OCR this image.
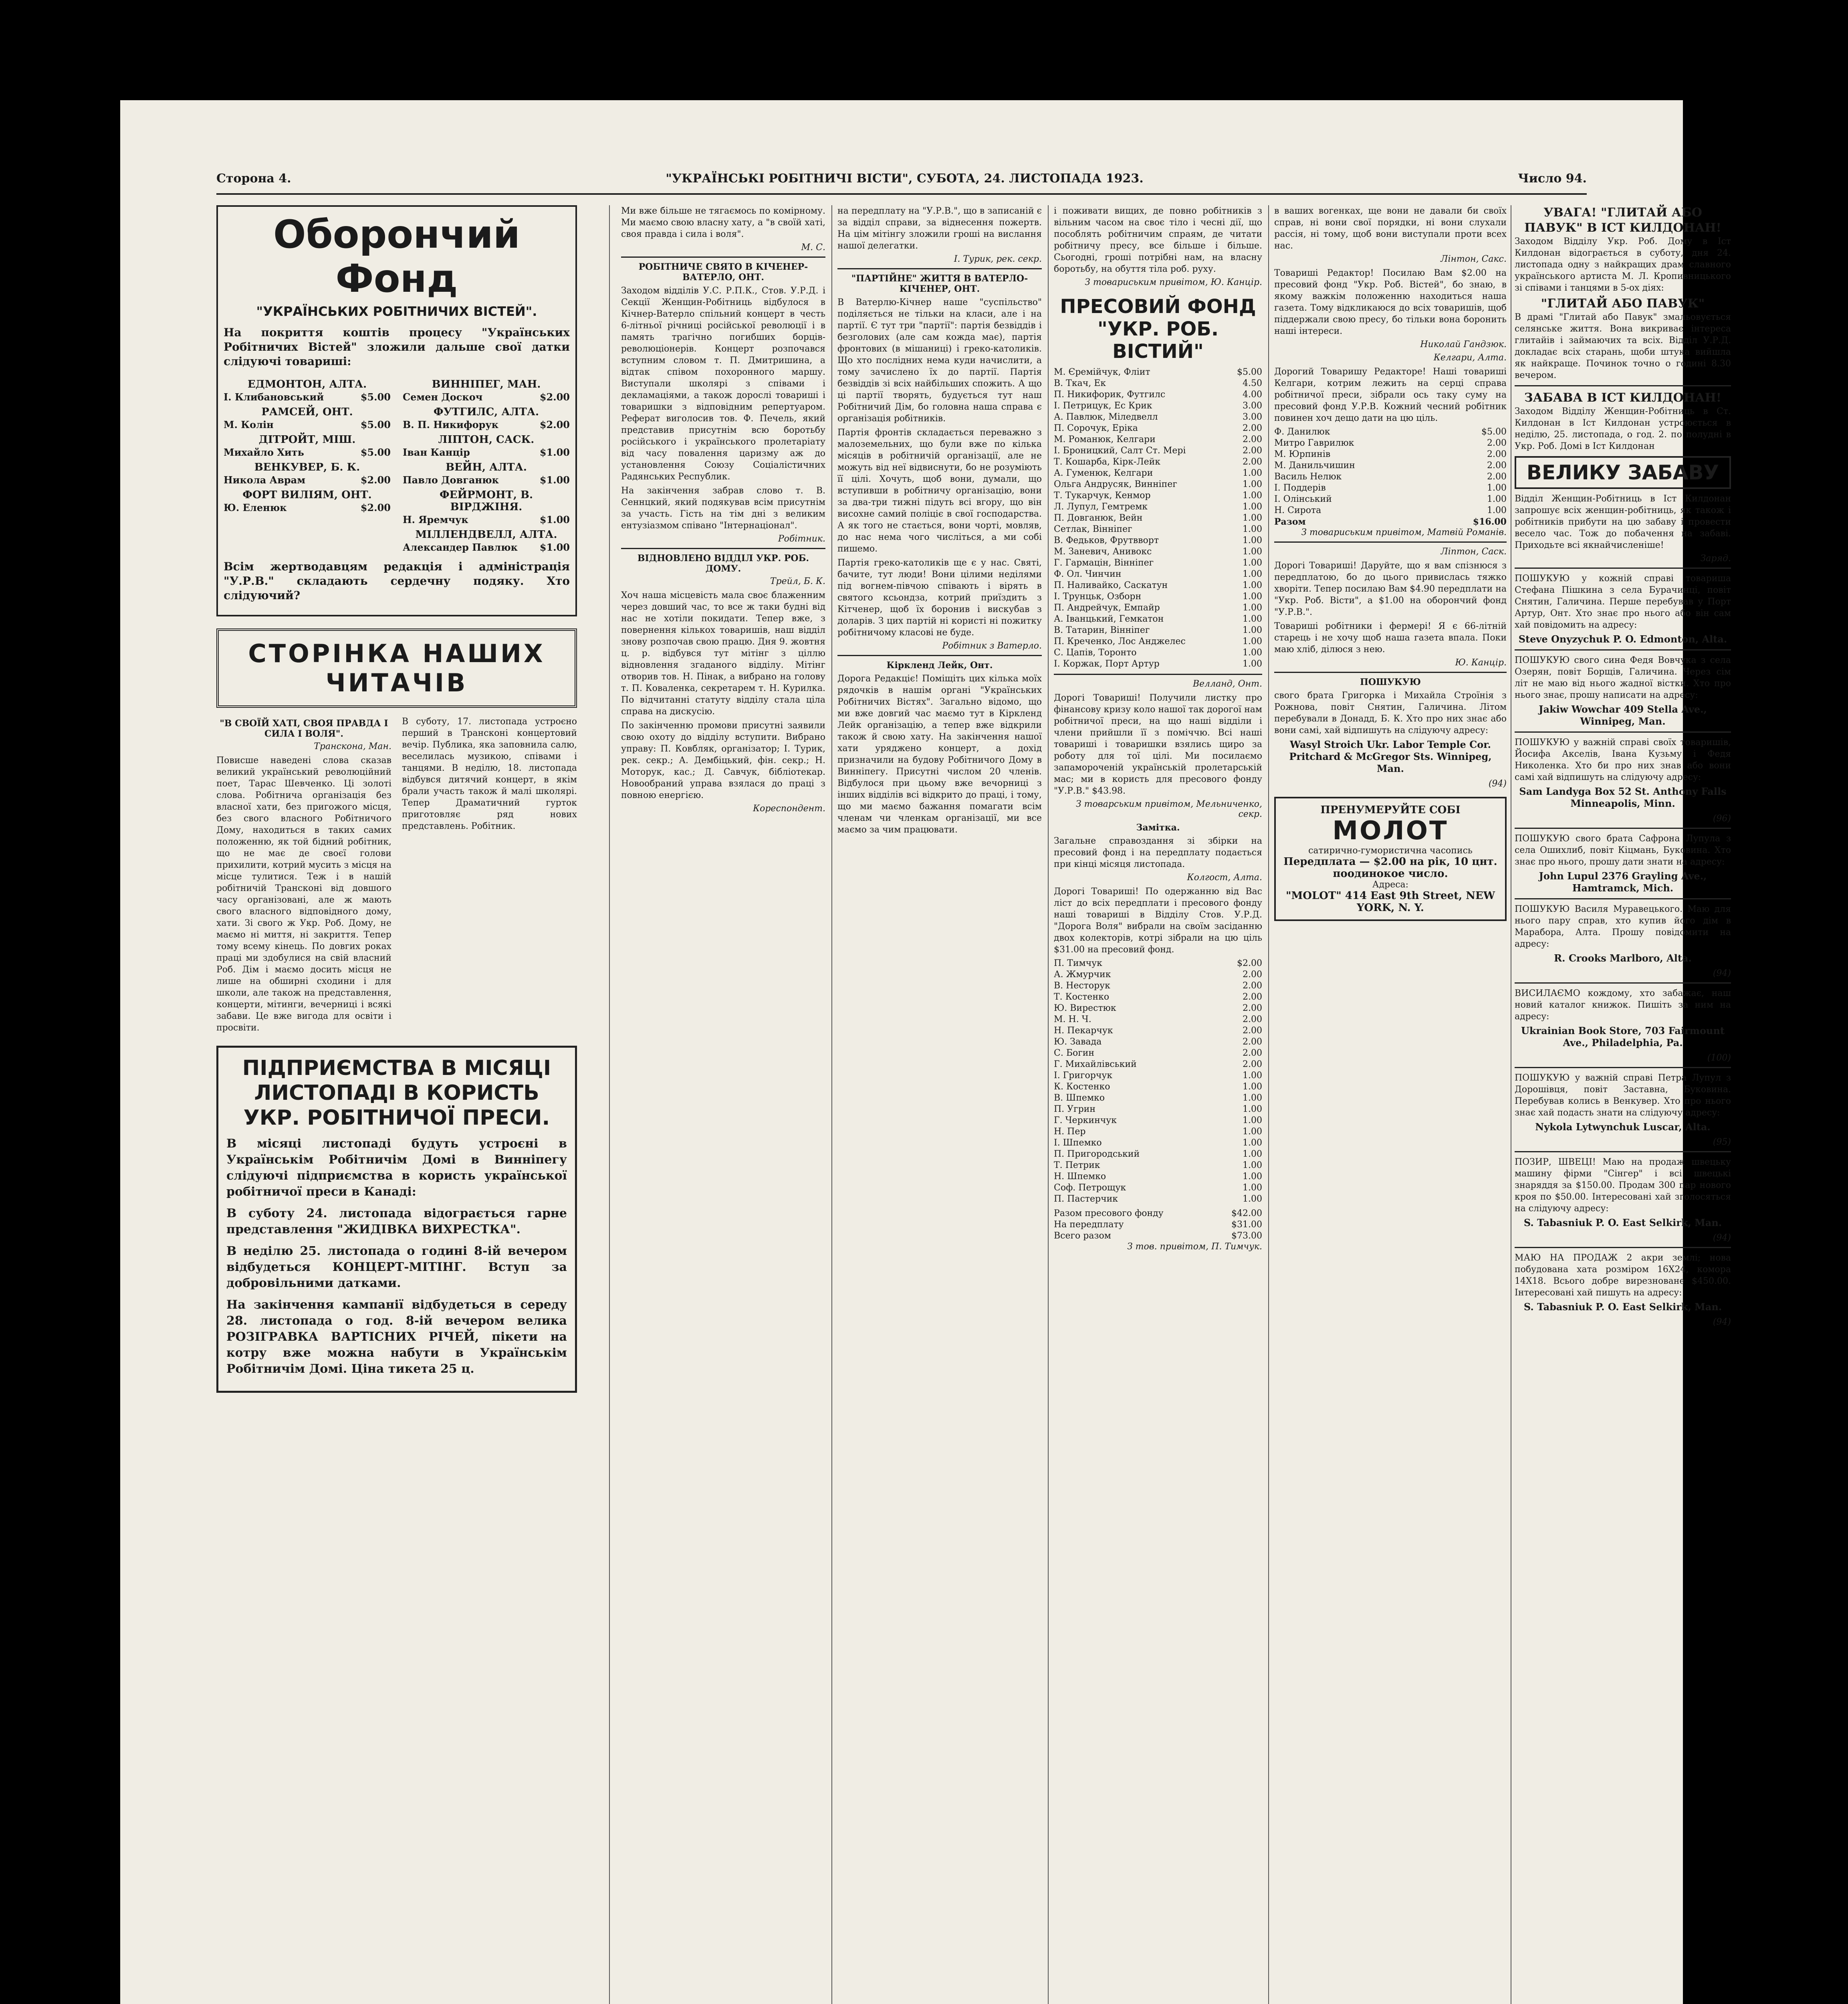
Сторона 4.	"УКРАЇНСЬКІ РОБІТНИЧІ ВІСТИ", СУБОТА, 24. ЛИСТОПАДА 1923.	Число 94.
Оборончий Фонд
"УКРАЇНСЬКИХ РОБІТНИЧИХ ВІСТЕЙ".
На покриття коштів процесу "Українських Робітничих Вістей" зложили дальше свої датки слідуючі товариші:
ЕДМОНТОН, АЛТА.
І. Клибановський	$5.00
РАМСЕЙ, ОНТ.
М. Колін	$5.00
ДІТРОЙТ, МІШ.
Михайло Хить	$5.00
ВЕНКУВЕР, Б. К.
Никола Аврам	$2.00
ФОРТ ВИЛІЯМ, ОНТ.
Ю. Еленюк	$2.00
ВИННІПЕГ, МАН.
Семен Доскоч	$2.00
ФУТГИЛС, АЛТА.
В. П. Никифорук	$2.00
ЛІПТОН, САСК.
Іван Канцір	$1.00
ВЕЙН, АЛТА.
Павло Довганюк	$1.00
ФЕЙРМОНТ, В. ВІРДЖІНЯ.
Н. Яремчук	$1.00
МІЛЛЕНДВЕЛЛ, АЛТА.
Александер Павлюк $1.00
Всім жертводавцям редакція і адміністрація "У.Р.В." складають сердечну подяку. Хто слідуючий?
СТОРІНКА НАШИХ ЧИТАЧІВ
"В СВОЇЙ ХАТІ, СВОЯ ПРАВДА І СИЛА І ВОЛЯ".
Транскона, Ман.

Повисше наведені слова сказав великий український революційний поет, Тарас Шевченко. Ці золоті слова. Робітнича організація без власної хати, без пригожого місця, без свого власного Робітничого Дому, находиться в таких самих положенню, як той бідний робітник, що не має де своєї голови прихилити, котрий мусить з місця на місце тулитися. Теж і в нашій робітничій Трансконі від довшого часу організовані, але ж мають свого власного відповідного дому, хати. Зі свого ж Укр. Роб. Дому, не маємо ні миття, ні закриття. Тепер тому всему кінець. По довгих роках праці ми здобулися на свій власний Роб. Дім і маємо досить місця не лише на обширні сходини і для школи, але також на представлення, концерти, мітинги, вечерниці і всякі забави. Це вже вигода для освіти і просвіти.

В суботу, 17. листопада устроєно перший в Трансконі концертовий вечір. Публика, яка заповнила салю, веселилась музикою, співами і танцями. В неділю, 18. листопада відбувся дитячий концерт, в якім брали участь також й малі школярі. Тепер Драматичний гурток приготовляє ряд нових представлень. Робітник.

ПІДПРИЄМСТВА В МІСЯЦІ ЛИСТОПАДІ В КОРИСТЬ УКР. РОБІТНИЧОЇ ПРЕСИ.

В місяці листопаді будуть устроєні в Українськім Робітничім Домі в Винніпегу слідуючі підприємства в користь української робітничої преси в Канаді:

В суботу 24. листопада відограється гарне представлення "ЖИДІВКА ВИХРЕСТКА".

В неділю 25. листопада о годині 8-ій вечером відбудеться КОНЦЕРТ-МІТІНГ. Вступ за добровільними датками.

На закінчення кампанії відбудеться в середу 28. листопада о год. 8-ій вечером велика РОЗІГРАВКА ВАРТІСНИХ РІЧЕЙ, пікети на котру вже можна набути в Українськім Робітничім Домі. Ціна тикета 25 ц.

Ми вже більше не тягаємось по комірному. Ми маємо свою власну хату, а "в своїй хаті, своя правда і сила і воля".

М. С.
РОБІТНИЧЕ СВЯТО В КІЧЕНЕР-ВАТЕРЛО, ОНТ.

Заходом відділів У.С. Р.П.К., Стов. У.Р.Д. і Секції Женщин-Робітниць відбулося в Кічнер-Ватерло спільний концерт в честь 6-літньої річниці російської революції і в память трагічно погибших борців-революціонерів. Концерт розпочався вступним словом т. П. Дмитришина, а відтак співом похоронного маршу. Виступали школярі з співами і декламаціями, а також дорослі товариші і товаришки з відповідним репертуаром. Реферат виголосив тов. Ф. Печель, який представив присутнім всю боротьбу російського і українського пролетаріату від часу повалення царизму аж до установлення Союзу Соціалістичних Радянських Республик.

На закінчення забрав слово т. В. Сеннцкий, який подякував всім присутнім за участь. Гість на тім дні з великим ентузіазмом співано "Інтернаціонал".

Робітник.
ВІДНОВЛЕНО ВІДДІЛ УКР. РОБ. ДОМУ.
Трейл, Б. К.

Хоч наша місцевість мала своє блаженним через довший час, то все ж таки будні від нас не хотіли покидати. Тепер вже, з повернення кількох товаришів, наш відділ знову розпочав свою працю. Дня 9. жовтня ц. р. відбувся тут мітінг з ціллю відновлення згаданого відділу. Мітінг отворив тов. Н. Пінак, а вибрано на голову т. П. Коваленка, секретарем т. Н. Курилка. По відчитанні статуту відділу стала ціла справа на дискусію.

По закінченню промови присутні заявили свою охоту до відділу вступити. Вибрано управу: П. Ковбляк, організатор; І. Турик, рек. секр.; А. Дембіцький, фін. секр.; Н. Моторук, кас.; Д. Савчук, бібліотекар. Новообраний управа взялася до праці з повною енергією.

Кореспондент.

на передплату на "У.Р.В.", що в записаній є за відділ справи, за віднесення пожертв. На цім мітінгу зложили гроші на вислання нашої делегатки.

І. Турик, рек. секр.
"ПАРТІЙНЕ" ЖИТТЯ В ВАТЕРЛО-КІЧЕНЕР, ОНТ.

В Ватерлю-Кічнер наше "суспільство" поділяється не тільки на класи, але і на партії. Є тут три "партії": партія безвіддів і безголових (але сам кожда має), партія фронтових (в мішаниці) і греко-католиків. Що хто послідних нема куди начислити, а тому зачислено їх до партії. Партія безвіддів зі всіх найбільших спожить. А що ці партії творять, будується тут наш Робітничий Дім, бо головна наша справа є організація робітників.

Партія фронтів складається переважно з малоземельних, що були вже по кілька місяців в робітничій організації, але не можуть від неї відвиснути, бо не розуміють її цілі. Хочуть, щоб вони, думали, що вступивши в робітничу організацію, вони за два-три тижні підуть всі вгору, що він висохне самий поліціє в свої господарства. А як того не стається, вони чорті, мовляв, до нас нема чого числіться, а ми собі пишемо.

Партія греко-католиків ще є у нас. Святі, бачите, тут люди! Вони цілими неділями під вогнем-півчою співають і вірять в святого ксьондза, котрий приїздить з Кітченер, щоб їх боронив і вискубав з доларів. З цих партій ні користі ні пожитку робітничому класові не буде.

Робітник з Ватерло.
Кіркленд Лейк, Онт.

Дорога Редакціє! Поміщіть цих кілька моїх рядочків в нашім органі "Українських Робітничих Вістях". Загально відомо, що ми вже довгий час маємо тут в Кіркленд Лейк організацію, а тепер вже відкрили також й свою хату. На закінчення нашої хати уряджено концерт, а дохід призначили на будову Робітничого Дому в Винніпегу. Присутні числом 20 членів. Відбулося при цьому вже вечорниці з інших відділів всі відкрито до праці, і тому, що ми маємо бажання помагати всім членам чи членкам організації, ми все маємо за чим працювати.

і поживати вищих, де повно робітників з вільним часом на своє тіло і чесні дії, що пособлять робітничим спраям, де читати робітничу пресу, все більше і більше. Сьогодні, гроші потрібні нам, на власну боротьбу, на обуття тіла роб. руху.

З товариським привітом, Ю. Канцір.
ПРЕСОВИЙ ФОНД "УКР. РОБ. ВІСТИЙ"
М. Єремійчук, Фліит	$5.00
В. Ткач, Ек	4.50
П. Никифорик, Футгилс	4.00
І. Петрицук, Ес Крик	3.00
А. Павлюк, Міледвелл	3.00
П. Сорочук, Еріка	2.00
М. Романюк, Келгари	2.00
І. Броницкий, Салт Ст. Мері	2.00
Т. Кошарба, Кірк-Лейк	2.00
А. Гуменюк, Келгари	1.00
Ольга Андрусяк, Винніпег	1.00
Т. Тукарчук, Кенмор	1.00
Л. Лупул, Гемтремк	1.00
П. Довганюк, Вейн	1.00
Сетлак, Вінніпег	1.00
В. Федьков, Фрутвворт	1.00
М. Заневич, Анивокс	1.00
Г. Гармацін, Вінніпег	1.00
Ф. Ол. Чинчин	1.00
П. Наливайко, Саскатун	1.00
І. Трунцьк, Озборн	1.00
П. Андрейчук, Емпайр	1.00
А. Іванцький, Гемкатон	1.00
В. Татарин, Вінніпег	1.00
П. Креченко, Лос Анджелес	1.00
С. Цапів, Торонто	1.00
І. Коржак, Порт Артур	1.00
Велланд, Онт.

Дорогі Товариші! Получили листку про фінансову кризу коло нашої так дорогої нам робітничої преси, на що наші відділи і члени прийшли її з поміччю. Всі наші товариші і товаришки взялись щиро за роботу для тої цілі. Ми посилаємо запамороченій українській пролетарській мас; ми в користь для пресового фонду "У.Р.В." $43.98.

З товарським привітом, Мельниченко, секр.
Замітка.

Загальне справоздання зі збірки на пресовий фонд і на передплату подається при кінці місяця листопада.

Колгост, Алта.

Дорогі Товариші! По одержанню від Вас ліст до всіх передплати і пресового фонду наші товариші в Відділу Стов. У.Р.Д. "Дорога Воля" вибрали на своїм засіданню двох колекторів, котрі зібрали на цю ціль $31.00 на пресовий фонд.

П. Тимчук	$2.00
А. Жмурчик	2.00
В. Несторук	2.00
Т. Костенко	2.00
Ю. Вирестюк	2.00
М. Н. Ч.	2.00
Н. Пекарчук	2.00
Ю. Завада	2.00
С. Богин	2.00
Г. Михайлівський	2.00
І. Григорчук	1.00
К. Костенко	1.00
В. Шпемко	1.00
П. Угрин	1.00
Г. Черкинчук	1.00
Н. Пер	1.00
І. Шпемко	1.00
П. Пригородський	1.00
Т. Петрик	1.00
Н. Шпемко	1.00
Соф. Петрощук	1.00
П. Пастерчик	1.00
Разом пресового фонду	$42.00
На передплату	$31.00
Всего разом	$73.00
З тов. привітом, П. Тимчук.

в ваших вогенках, ще вони не давали би своїх справ, ні вони свої порядки, ні вони слухали рассія, ні тому, щоб вони виступали проти всех нас.

Лінтон, Сакс.

Товариші Редактор! Посилаю Вам $2.00 на пресовий фонд "Укр. Роб. Вістей", бо знаю, в якому важкім положенню находиться наша газета. Тому відкликаюся до всіх товаришів, щоб піддержали свою пресу, бо тільки вона боронить наші інтереси.

Николай Гандзюк.
Келгари, Алта.

Дорогий Товаришу Редакторе! Наші товариші Келгари, котрим лежить на серці справа робітничої преси, зібрали ось таку суму на пресовий фонд У.Р.В. Кожний чесний робітник повинен хоч дещо дати на цю ціль.

Ф. Данилюк	$5.00
Митро Гаврилюк	2.00
М. Юрпинів	2.00
М. Данильчишин	2.00
Василь Нелюк	2.00
І. Поддерів	1.00
І. Олінський	1.00
Н. Сирота	1.00
Разом	$16.00
З товариським привітом, Матвій Романів.
Ліптон, Саск.

Дорогі Товариші! Даруйте, що я вам спізнюся з передплатою, бо до цього привислась тяжко хворіти. Тепер посилаю Вам $4.90 передплати на "Укр. Роб. Вісти", а $1.00 на оборончий фонд "У.Р.В.".

Товариші робітники і фермері! Я є 66-літній старець і не хочу щоб наша газета впала. Поки маю хліб, ділюся з нею.

Ю. Канцір.
ПОШУКУЮ

свого брата Григорка і Михайла Строїнія з Рожнова, повіт Снятин, Галичина. Літом перебували в Донадд, Б. К. Хто про них знає або вони самі, хай відпишуть на слідуючу адресу:

Wasyl Stroich Ukr. Labor Temple Cor. Pritchard & McGregor Sts. Winnipeg, Man.
(94)
ПРЕНУМЕРУЙТЕ СОБІ
МОЛОТ
сатирично-гумористична часопись
Передплата — $2.00 на рік, 10 цнт. поодинокое число.
Адреса:
"MOLOT" 414 East 9th Street, NEW YORK, N. Y.
УВАГА! "ГЛИТАЙ АБО ПАВУК" В ІСТ КИЛДОНАН!

Заходом Відділу Укр. Роб. Дому в Іст Килдонан відограється в суботу, дня 24. листопада одну з найкращих драм славного українського артиста М. Л. Кропивницького зі співами і танцями в 5-ох діях:

"ГЛИТАЙ АБО ПАВУК"

В драмі "Глитай або Павук" змальовується селянське життя. Вона викриває інтереса глитайів і займаючих та всіх. Відділ У.Р.Д. докладає всіх старань, щоби штука вийшла як найкраще. Починок точно о годині 8.30 вечером.

ЗАБАВА В ІСТ КИЛДОНАН!

Заходом Відділу Женщин-Робітниць в Ст. Килдонан в Іст Килдонан устроюється в неділю, 25. листопада, о год. 2. по полудні в Укр. Роб. Домі в Іст Килдонан

ВЕЛИКУ ЗАБАВУ

Відділ Женщин-Робітниць в Іст Килдонан запрошує всіх женщин-робітниць, як також і робітників прибути на цю забаву і провести весело час. Тож до побачення на забаві. Приходьте всі якнайчисленіше!

Заряд.

ПОШУКУЮ у кожній справі товариша Стефана Пішкина з села Бурачинці, повіт Снятин, Галичина. Перше перебував у Порт Артур, Онт. Хто знає про нього або він сам хай повідомить на адресу:

Steve Onyzychuk P. O. Edmonton, Alta.

ПОШУКУЮ свого сина Федя Вовчука з села Озерян, повіт Борщів, Галичина. Через сім літ не маю від нього жадної вістки. Хто про нього знає, прошу написати на адресу:

Jakiw Wowchar 409 Stella Ave., Winnipeg, Man.

ПОШУКУЮ у важній справі своїх товаришів, Йосифа Акселів, Івана Кузьму і Федя Николенка. Хто би про них знав або вони самі хай відпишуть на слідуючу адресу:

Sam Landyga Box 52 St. Anthony Falls Minneapolis, Minn.
(96)

ПОШУКУЮ свого брата Сафрона Лупула з села Ошихлиб, повіт Кіцмань, Буковина. Хто знає про нього, прошу дати знати на адресу:

John Lupul 2376 Grayling Ave., Hamtramck, Mich.

ПОШУКУЮ Василя Муравецького. Маю для нього пару справ, хто купив його дім в Марабора, Алта. Прошу повідомити на адресу:

R. Crooks Marlboro, Alta.
(94)

ВИСИЛАЄМО кождому, хто забажає, наш новий каталог книжок. Пишіть за ним на адресу:

Ukrainian Book Store, 703 Fairmount Ave., Philadelphia, Pa.
(100)

ПОШУКУЮ у важній справі Петра Лупул з Дорошівця, повіт Заставна, Буковина. Перебував колись в Венкувер. Хто про нього знає хай подасть знати на слідуючу адресу:

Nykola Lytwynchuk Luscar, Alta.
(95)

ПОЗИР, ШВЕЦІ! Маю на продаж швецьку машину фірми "Сінгер" і всі швецькі знаряддя за $150.00. Продам 300 пар нового кроя по $50.00. Інтересовані хай зголосяться на слідуючу адресу:

S. Tabasniuk P. O. East Selkirk, Man.
(94)

МАЮ НА ПРОДАЖ 2 акри землі; нова побудована хата розміром 16X24, комора 14X18. Всього добре вирезноване $450.00. Інтересовані хай пишуть на адресу:

S. Tabasniuk P. O. East Selkirk, Man.
(94)
